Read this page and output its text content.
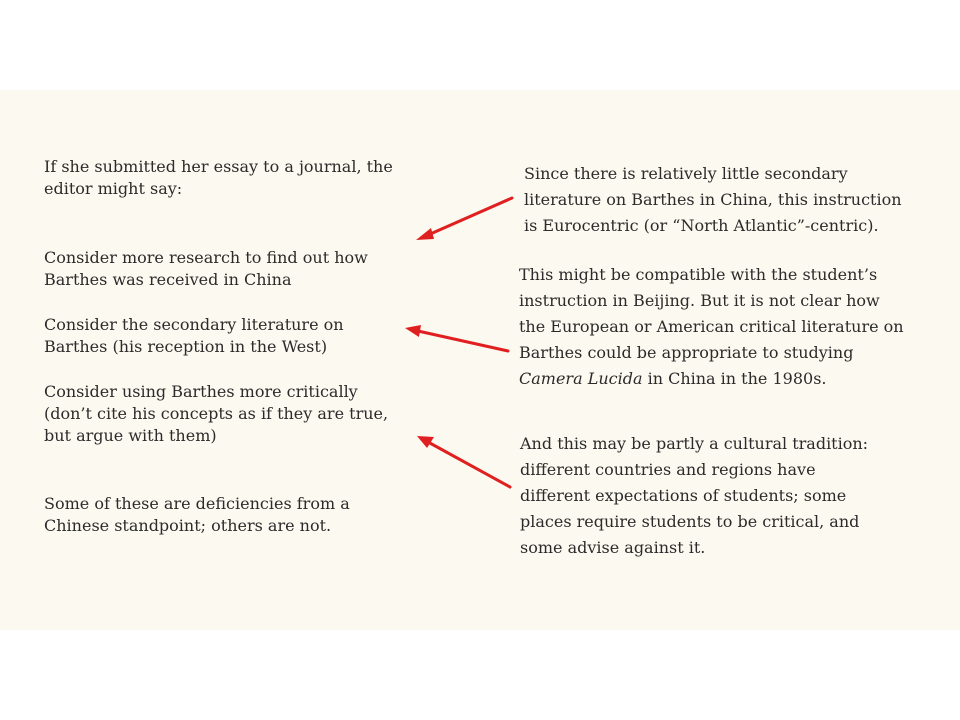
If she submitted her essay to a journal, the
editor might say:
Consider more research to find out how
Barthes was received in China
Consider the secondary literature on
Barthes (his reception in the West)
Consider using Barthes more critically
(don’t cite his concepts as if they are true,
but argue with them)
Some of these are deficiencies from a
Chinese standpoint; others are not.
Since there is relatively little secondary
literature on Barthes in China, this instruction
is Eurocentric (or “North Atlantic”-centric).
This might be compatible with the student’s
instruction in Beijing. But it is not clear how
the European or American critical literature on
Barthes could be appropriate to studying
Camera Lucida in China in the 1980s.
And this may be partly a cultural tradition:
different countries and regions have
different expectations of students; some
places require students to be critical, and
some advise against it.
